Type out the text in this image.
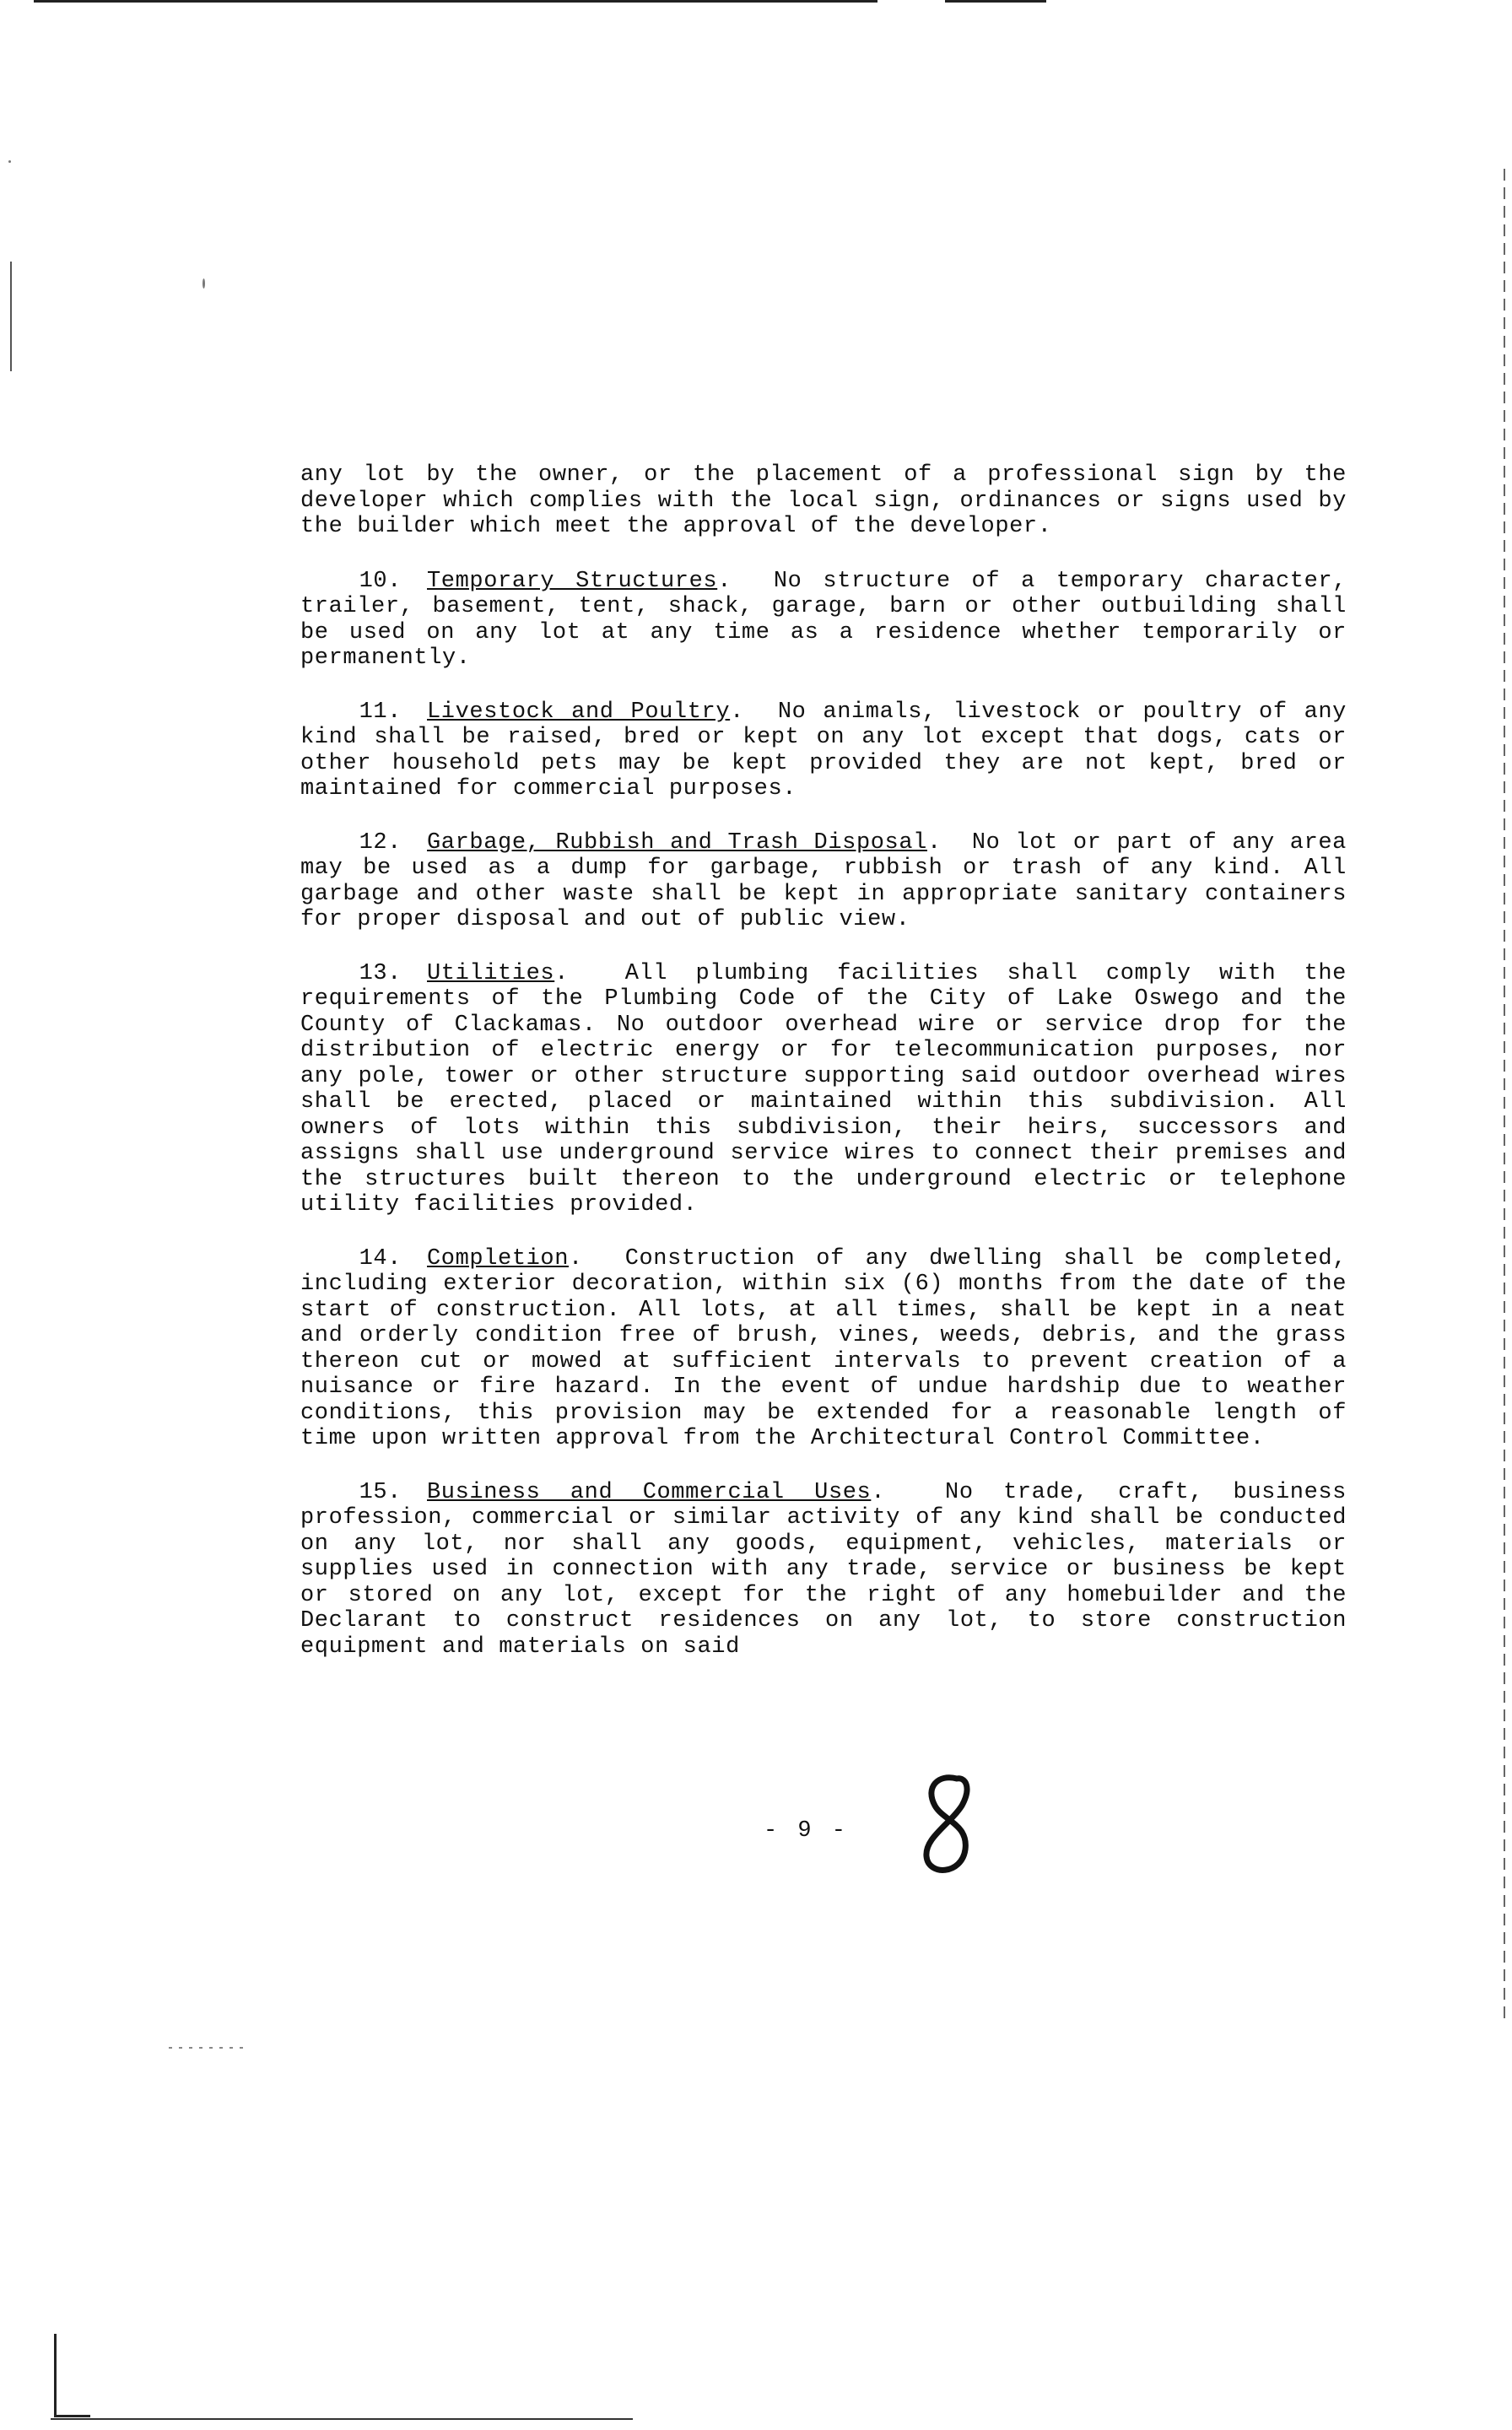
any lot by the owner, or the placement of a professional sign by the developer which complies with the local sign, ordinances or signs used by the builder which meet the approval of the developer.

10. Temporary Structures.  No structure of a temporary character, trailer, basement, tent, shack, garage, barn or other outbuilding shall be used on any lot at any time as a residence whether temporarily or permanently.

11. Livestock and Poultry.  No animals, livestock or poultry of any kind shall be raised, bred or kept on any lot except that dogs, cats or other household pets may be kept provided they are not kept, bred or maintained for commercial purposes.

12. Garbage, Rubbish and Trash Disposal.  No lot or part of any area may be used as a dump for garbage, rubbish or trash of any kind. All garbage and other waste shall be kept in appropriate sanitary containers for proper disposal and out of public view.

13. Utilities.  All plumbing facilities shall comply with the requirements of the Plumbing Code of the City of Lake Oswego and the County of Clackamas. No outdoor overhead wire or service drop for the distribution of electric energy or for telecommunication purposes, nor any pole, tower or other structure supporting said outdoor overhead wires shall be erected, placed or maintained within this subdivision. All owners of lots within this subdivision, their heirs, successors and assigns shall use underground service wires to connect their premises and the structures built thereon to the underground electric or telephone utility facilities provided.

14. Completion.  Construction of any dwelling shall be completed, including exterior decoration, within six (6) months from the date of the start of construction. All lots, at all times, shall be kept in a neat and orderly condition free of brush, vines, weeds, debris, and the grass thereon cut or mowed at sufficient intervals to prevent creation of a nuisance or fire hazard. In the event of undue hardship due to weather conditions, this provision may be extended for a reasonable length of time upon written approval from the Architectural Control Committee.

15. Business and Commercial Uses.  No trade, craft, business profession, commercial or similar activity of any kind shall be conducted on any lot, nor shall any goods, equipment, vehicles, materials or supplies used in connection with any trade, service or business be kept or stored on any lot, except for the right of any homebuilder and the Declarant to construct residences on any lot, to store construction equipment and materials on said

- 9 -
